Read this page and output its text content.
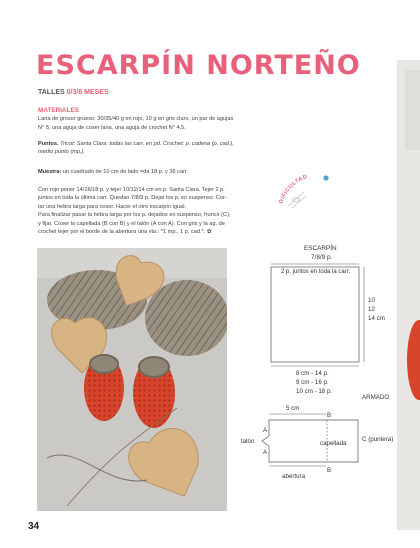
ESCARPÍN NORTEÑO
TALLES 0/3/6 MESES
MATERIALES
Lana de grosor grueso: 30/35/40 g en rojo, 10 g en gris claro, un par de agujas
N° 5, una aguja de coser lana, una aguja de crochet N° 4,5.
Puntos. Tricot: Santa Clara: todas las carr. en pd. Crochet: p. cadena (p. cad.),
medio punto (mp.).
Muestra: un cuadrado de 10 cm de lado =da 18 p. y 36 carr.
Con rojo poner 14/16/18 p. y tejer 10/12/14 cm en p. Santa Clara. Tejer 2 p.
juntos en toda la última carr. Quedan 7/8/9 p. Dejar los p. en suspenso. Cor-
tar una hebra larga para coser. Hacer el otro escarpín igual.
Para finalizar pasar la hebra larga por los p. dejados en suspenso, fruncir (C),
y fijar. Coser la capellada (B con B) y el talón (A con A). Con gris y la ag. de
crochet tejer por el borde de la abertura una vta.: *1 mp., 1 p. cad.*. ✿
DIFICULTAD
ESCARPÍN
7/8/9 p.
2 p. juntos en toda la carr.
10
12
14 cm
8 cm - 14 p.
9 cm - 16 p.
10 cm - 18 p.
ARMADO
5 cm
B
A
A
talón	capellada
C (puntera)
B
abertura
34
